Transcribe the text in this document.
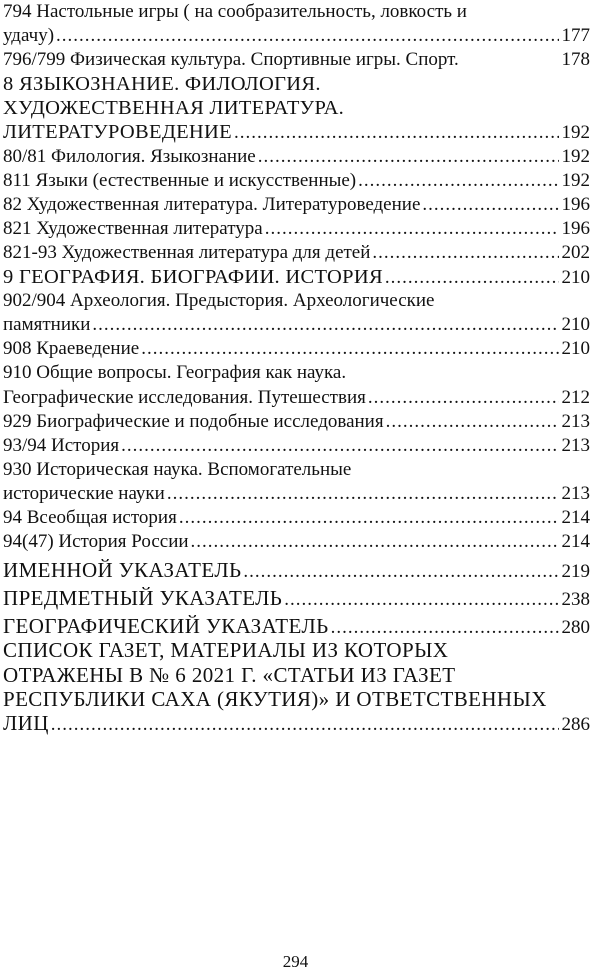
794 Настольные игры ( на сообразительность, ловкость и
удачу) .....	177
796/799 Физическая культура. Спортивные игры. Спорт.	178
8 ЯЗЫКОЗНАНИЕ. ФИЛОЛОГИЯ.
ХУДОЖЕСТВЕННАЯ ЛИТЕРАТУРА.
ЛИТЕРАТУРОВЕДЕНИЕ .....	192
80/81 Филология. Языкознание .....	192
811 Языки (естественные и искусственные) .....	192
82 Художественная литература. Литературоведение .....	196
821 Художественная литература .....	196
821-93 Художественная литература для детей .....	202
9 ГЕОГРАФИЯ. БИОГРАФИИ. ИСТОРИЯ .....	210
902/904 Археология. Предыстория. Археологические
памятники .....	210
908 Краеведение .....	210
910 Общие вопросы. География как наука.
Географические исследования. Путешествия .....	212
929 Биографические и подобные исследования .....	213
93/94 История .....	213
930 Историческая наука. Вспомогательные
исторические науки .....	213
94 Всеобщая история .....	214
94(47) История России .....	214
ИМЕННОЙ УКАЗАТЕЛЬ .....	219
ПРЕДМЕТНЫЙ УКАЗАТЕЛЬ .....	238
ГЕОГРАФИЧЕСКИЙ УКАЗАТЕЛЬ .....	280
СПИСОК ГАЗЕТ, МАТЕРИАЛЫ ИЗ КОТОРЫХ
ОТРАЖЕНЫ В № 6 2021 Г. «СТАТЬИ ИЗ ГАЗЕТ
РЕСПУБЛИКИ САХА (ЯКУТИЯ)» И ОТВЕТСТВЕННЫХ
ЛИЦ .....	286
294
